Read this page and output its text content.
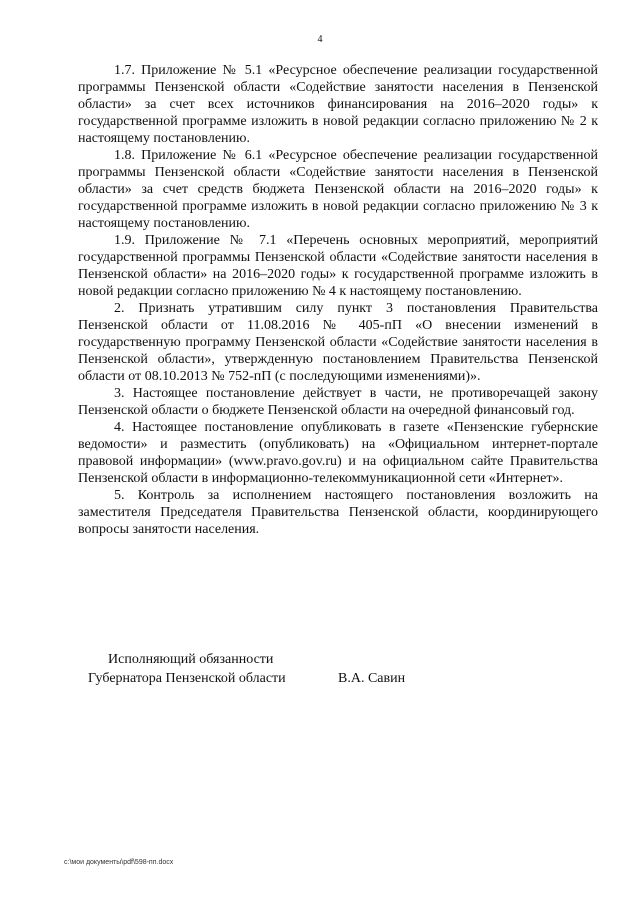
4

1.7. Приложение № 5.1 «Ресурсное обеспечение реализации государственной программы Пензенской области «Содействие занятости населения в Пензенской области» за счет всех источников финансирования на 2016–2020 годы» к государственной программе изложить в новой редакции согласно приложению № 2 к настоящему постановлению.

1.8. Приложение № 6.1 «Ресурсное обеспечение реализации государственной программы Пензенской области «Содействие занятости населения в Пензенской области» за счет средств бюджета Пензенской области на 2016–2020 годы» к государственной программе изложить в новой редакции согласно приложению № 3 к настоящему постановлению.

1.9. Приложение № 7.1 «Перечень основных мероприятий, мероприятий государственной программы Пензенской области «Содействие занятости населения в Пензенской области» на 2016–2020 годы» к государственной программе изложить в новой редакции согласно приложению № 4 к настоящему постановлению.

2. Признать утратившим силу пункт 3 постановления Правительства Пензенской области от 11.08.2016 № 405-пП «О внесении изменений в государственную программу Пензенской области «Содействие занятости населения в Пензенской области», утвержденную постановлением Правительства Пензенской области от 08.10.2013 № 752-пП (с последующими изменениями)».

3. Настоящее постановление действует в части, не противоречащей закону Пензенской области о бюджете Пензенской области на очередной финансовый год.

4. Настоящее постановление опубликовать в газете «Пензенские губернские ведомости» и разместить (опубликовать) на «Официальном интернет-портале правовой информации» (www.pravo.gov.ru) и на официальном сайте Правительства Пензенской области в информационно-телекоммуникационной сети «Интернет».

5. Контроль за исполнением настоящего постановления возложить на заместителя Председателя Правительства Пензенской области, координирующего вопросы занятости населения.

Исполняющий обязанности
Губернатора Пензенской области	В.А. Савин
c:\мои документы\pdf\598-пп.docx
